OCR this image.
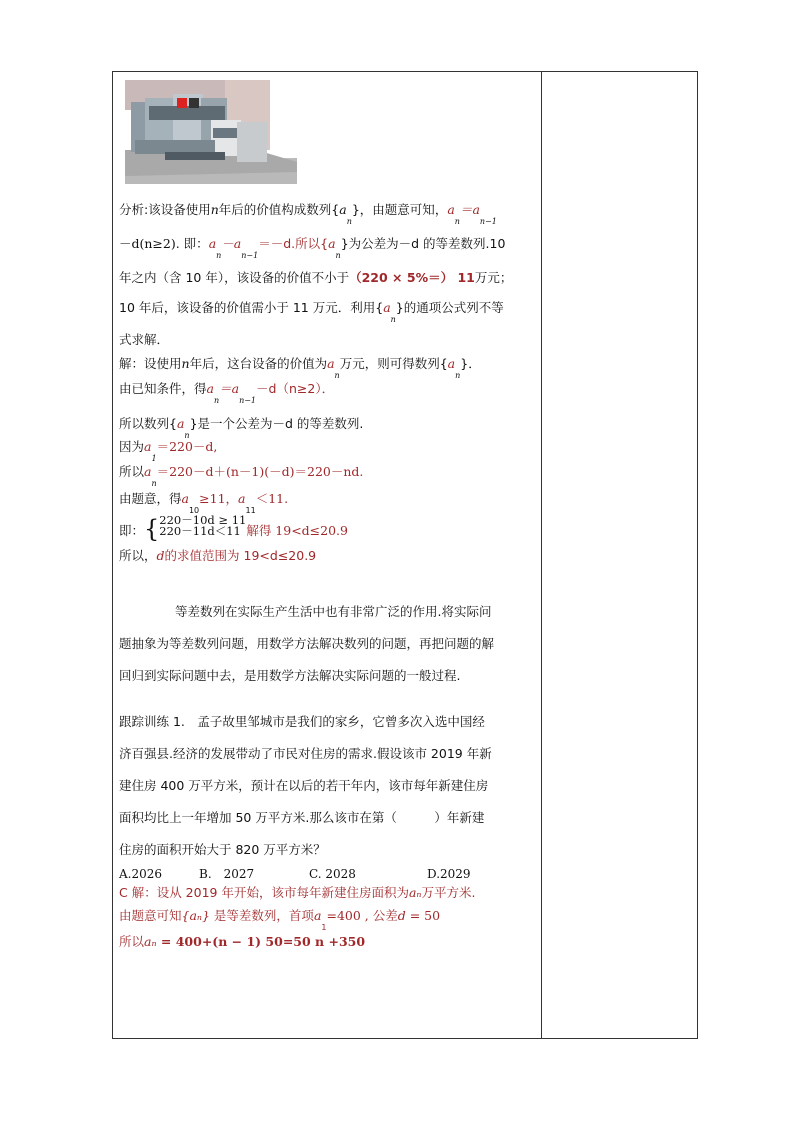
分析:该设备使用n年后的价值构成数列$\{a_n\}$，由题意可知，$a_n=a_{n-1}$
－d(n≥2). 即：$a_n-a_{n-1}=-d$.所以$\{a_n\}$为公差为－d 的等差数列.10
年之内（含 10 年），该设备的价值不小于（220 × 5%＝） 11万元；
10 年后，该设备的价值需小于 11 万元．利用$\{a_n\}$的通项公式列不等
式求解．
解：设使用n年后，这台设备的价值为$a_n$万元，则可得数列$\{a_n\}$．
由已知条件，得$a_n=a_{n-1}-d(n\ge 2)$．
所以数列$\{a_n\}$是一个公差为－d 的等差数列.
因为$a_1=220-d$,
所以$a_n=220-d+(n-1)(-d)=220-nd$.
由题意，得$a_{10}\ge 11$，$a_{11}<11$.
即：{ 220－10d ≥ 11
220－11d＜11 解得 19<d≤20.9
所以，d的求值范围为 19<d≤20.9
等差数列在实际生产生活中也有非常广泛的作用.将实际问
题抽象为等差数列问题，用数学方法解决数列的问题，再把问题的解
回归到实际问题中去，是用数学方法解决实际问题的一般过程.
跟踪训练 1.　孟子故里邹城市是我们的家乡，它曾多次入选中国经
济百强县.经济的发展带动了市民对住房的需求.假设该市 2019 年新
建住房 400 万平方米，预计在以后的若干年内，该市每年新建住房
面积均比上一年增加 50 万平方米.那么该市在第（　　　）年新建
住房的面积开始大于 820 万平方米？
A.2026	B.　2027	C. 2028	D.2029
C 解：设从 2019 年开始，该市每年新建住房面积为aₙ万平方米.
由题意可知{aₙ} 是等差数列，首项$a_1=400$ , 公差d = 50
所以aₙ = 400+(n − 1) 50=50 n +350
